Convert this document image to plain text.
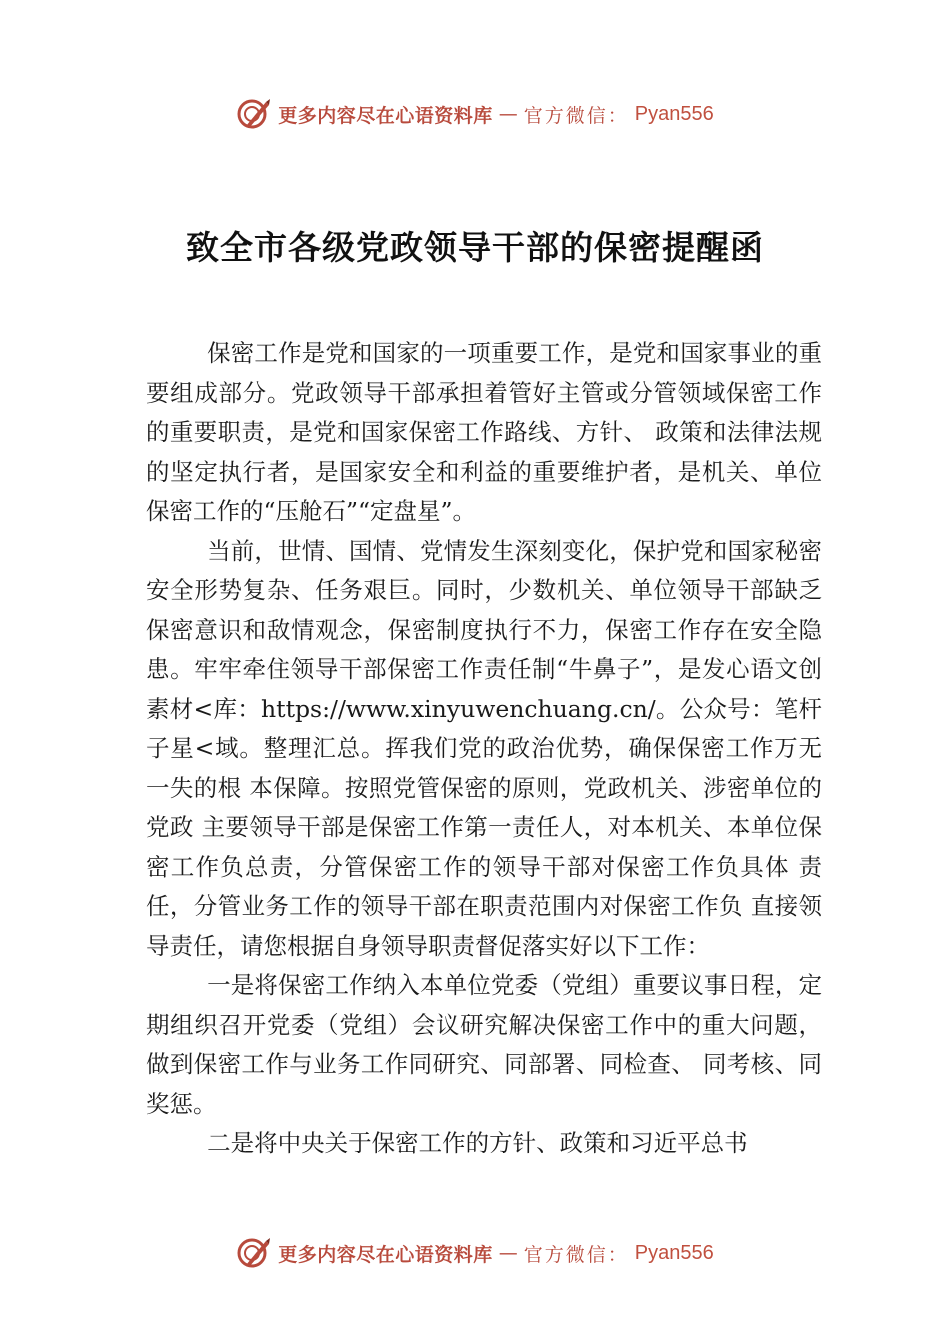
更多内容尽在心语资料库 — 官方微信： Pyan556
致全市各级党政领导干部的保密提醒函

保密工作是党和国家的一项重要工作，是党和国家事业的重要组成部分。党政领导干部承担着管好主管或分管领域保密工作的重要职责，是党和国家保密工作路线、方针、 政策和法律法规的坚定执行者，是国家安全和利益的重要维护者，是机关、单位保密工作的“压舱石”“定盘星”。

当前，世情、国情、党情发生深刻变化，保护党和国家秘密安全形势复杂、任务艰巨。同时，少数机关、单位领导干部缺乏保密意识和敌情观念，保密制度执行不力，保密工作存在安全隐患。牢牢牵住领导干部保密工作责任制“牛鼻子”，是发心语文创素材<库：https://www.xinyuwenchuang.cn/。公众号：笔杆子星<域。整理汇总。挥我们党的政治优势，确保保密工作万无一失的根 本保障。按照党管保密的原则，党政机关、涉密单位的党政 主要领导干部是保密工作第一责任人，对本机关、本单位保 密工作负总责，分管保密工作的领导干部对保密工作负具体 责任，分管业务工作的领导干部在职责范围内对保密工作负 直接领导责任，请您根据自身领导职责督促落实好以下工作：

一是将保密工作纳入本单位党委（党组）重要议事日程，定期组织召开党委（党组）会议研究解决保密工作中的重大问题，做到保密工作与业务工作同研究、同部署、同检查、 同考核、同奖惩。

二是将中央关于保密工作的方针、政策和习近平总书

更多内容尽在心语资料库 — 官方微信： Pyan556
